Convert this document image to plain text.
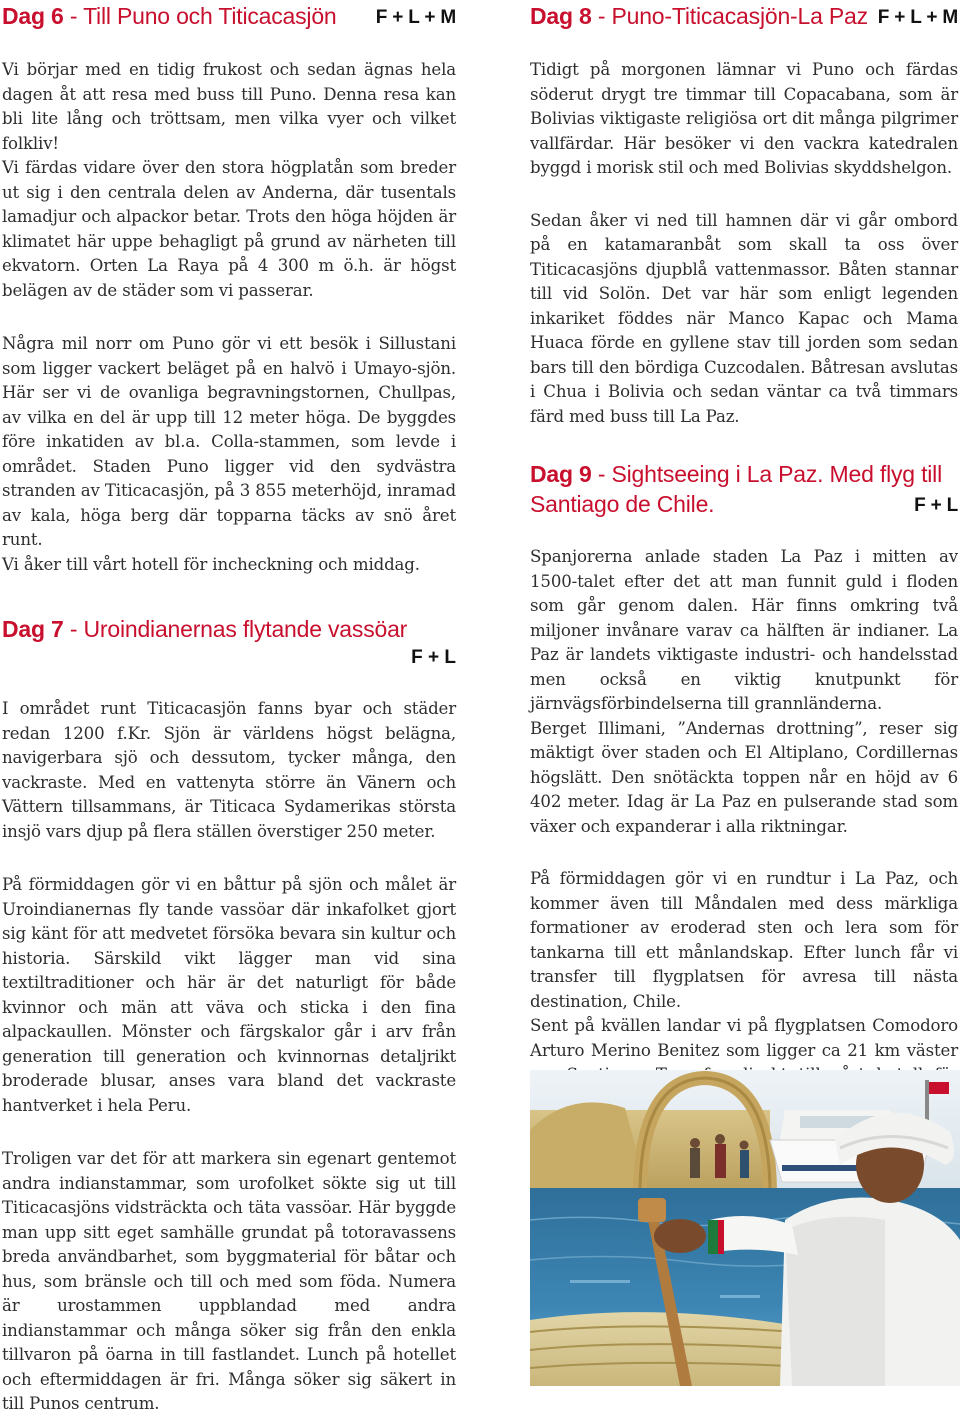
Dag 6 - Till Puno och Titicacasjön F + L + M

Vi börjar med en tidig frukost och sedan ägnas hela dagen åt att resa med buss till Puno. Denna resa kan bli lite lång och tröttsam, men vilka vyer och vilket folkliv!
Vi färdas vidare över den stora högplatån som breder ut sig i den centrala delen av Anderna, där tusentals lamadjur och alpackor betar. Trots den höga höjden är klimatet här uppe behagligt på grund av närheten till ekvatorn. Orten La Raya på 4 300 m ö.h. är högst belägen av de städer som vi passerar.

Några mil norr om Puno gör vi ett besök i Sillustani som ligger vackert beläget på en halvö i Umayo-sjön. Här ser vi de ovanliga begravningstornen, Chullpas, av vilka en del är upp till 12 meter höga. De byggdes före inkatiden av bl.a. Colla-stammen, som levde i området. Staden Puno ligger vid den sydvästra stranden av Titicacasjön, på 3 855 meterhöjd, inramad av kala, höga berg där topparna täcks av snö året runt.
Vi åker till vårt hotell för incheckning och middag.

Dag 7 - Uroindianernas flytande vassöar
F + L

I området runt Titicacasjön fanns byar och städer redan 1200 f.Kr. Sjön är världens högst belägna, navigerbara sjö och dessutom, tycker många, den vackraste. Med en vattenyta större än Vänern och Vättern tillsammans, är Titicaca Sydamerikas största insjö vars djup på flera ställen överstiger 250 meter.

På förmiddagen gör vi en båttur på sjön och målet är Uroindianernas fly tande vassöar där inkafolket gjort sig känt för att medvetet försöka bevara sin kultur och historia. Särskild vikt lägger man vid sina textiltraditioner och här är det naturligt för både kvinnor och män att väva och sticka i den fina alpackaullen. Mönster och färgskalor går i arv från generation till generation och kvinnornas detaljrikt broderade blusar, anses vara bland det vackraste hantverket i hela Peru.

Troligen var det för att markera sin egenart gentemot andra indianstammar, som urofolket sökte sig ut till Titicacasjöns vidsträckta och täta vassöar. Här byggde man upp sitt eget samhälle grundat på totoravassens breda användbarhet, som byggmaterial för båtar och hus, som bränsle och till och med som föda. Numera är urostammen uppblandad med andra indianstammar och många söker sig från den enkla tillvaron på öarna in till fastlandet. Lunch på hotellet och eftermiddagen är fri. Många söker sig säkert in till Punos centrum.

Dag 8 - Puno-Titicacasjön-La Paz F + L + M

Tidigt på morgonen lämnar vi Puno och färdas söderut drygt tre timmar till Copacabana, som är Bolivias viktigaste religiösa ort dit många pilgrimer vallfärdar. Här besöker vi den vackra katedralen byggd i morisk stil och med Bolivias skyddshelgon.

Sedan åker vi ned till hamnen där vi går ombord på en katamaranbåt som skall ta oss över Titicacasjöns djupblå vattenmassor. Båten stannar till vid Solön. Det var här som enligt legenden inkariket föddes när Manco Kapac och Mama Huaca förde en gyllene stav till jorden som sedan bars till den bördiga Cuzcodalen. Båtresan avslutas i Chua i Bolivia och sedan väntar ca två timmars färd med buss till La Paz.

Dag 9 - Sightseeing i La Paz. Med flyg till
Santiago de Chile.	F + L

Spanjorerna anlade staden La Paz i mitten av 1500-talet efter det att man funnit guld i floden som går genom dalen. Här finns omkring två miljoner invånare varav ca hälften är indianer. La Paz är landets viktigaste industri- och handelsstad men också en viktig knutpunkt för järnvägsförbindelserna till grannländerna.
Berget Illimani, ”Andernas drottning”, reser sig mäktigt över staden och El Altiplano, Cordillernas högslätt. Den snötäckta toppen når en höjd av 6 402 meter. Idag är La Paz en pulserande stad som växer och expanderar i alla riktningar.

På förmiddagen gör vi en rundtur i La Paz, och kommer även till Måndalen med dess märkliga formationer av eroderad sten och lera som för tankarna till ett månlandskap. Efter lunch får vi transfer till flygplatsen för avresa till nästa destination, Chile.
Sent på kvällen landar vi på flygplatsen Comodoro Arturo Merino Benitez som ligger ca 21 km väster
